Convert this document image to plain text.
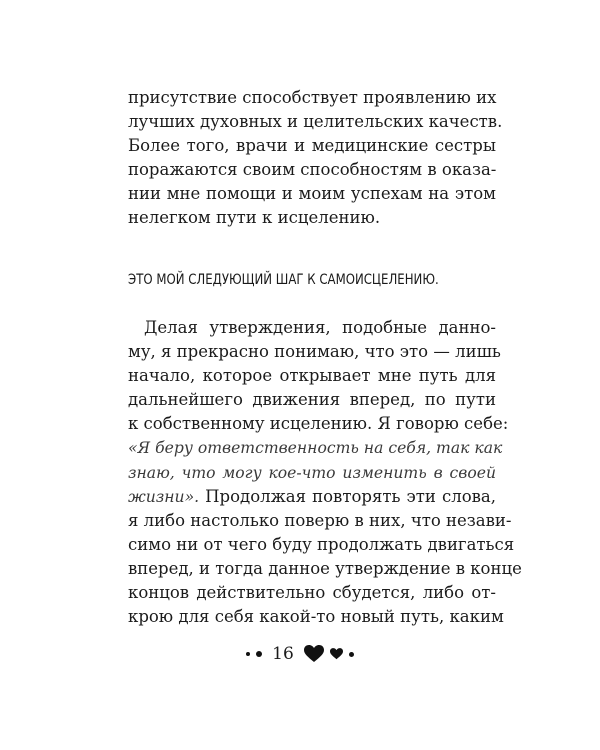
присутствие способствует проявлению их
лучших духовных и целительских качеств.
Более того, врачи и медицинские сестры
поражаются своим способностям в оказа-
нии мне помощи и моим успехам на этом
нелегком пути к исцелению.
ЭТО МОЙ СЛЕДУЮЩИЙ ШАГ К САМОИСЦЕЛЕНИЮ.
Делая утверждения, подобные данно-
му, я прекрасно понимаю, что это — лишь
начало, которое открывает мне путь для
дальнейшего движения вперед, по пути
к собственному исцелению. Я говорю себе:
«Я беру ответственность на себя, так как
знаю, что могу кое-что изменить в своей
жизни». Продолжая повторять эти слова,
я либо настолько поверю в них, что незави-
симо ни от чего буду продолжать двигаться
вперед, и тогда данное утверждение в конце
концов действительно сбудется, либо от-
крою для себя какой-то новый путь, каким
16
